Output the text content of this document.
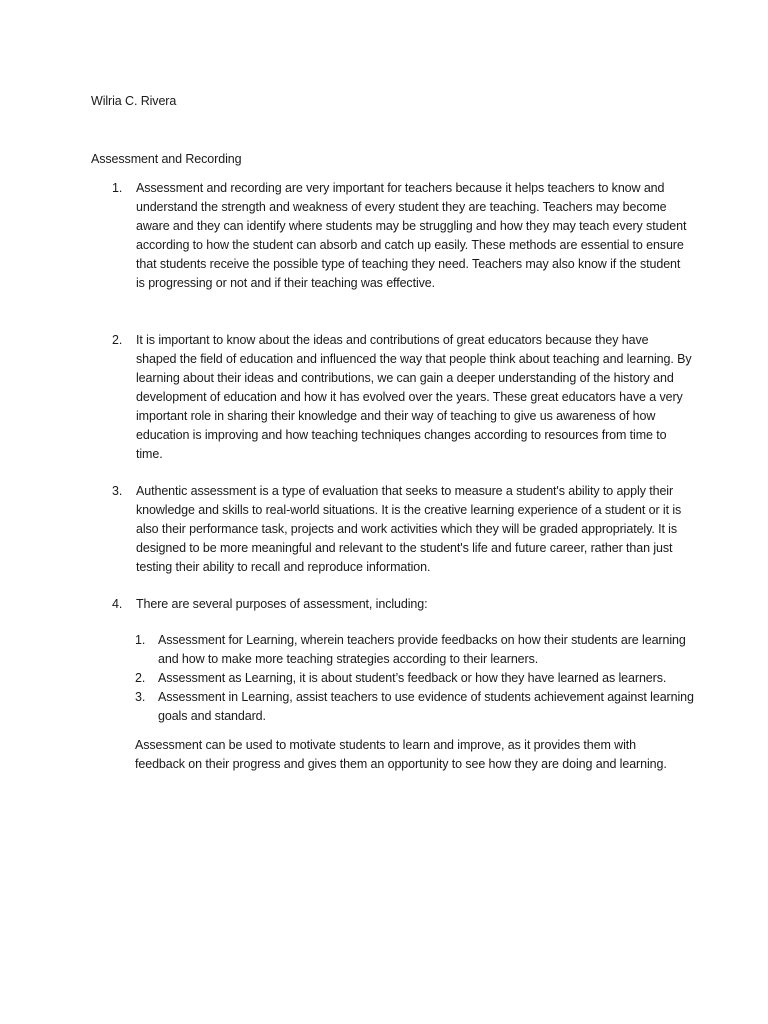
Wilria C. Rivera
Assessment and Recording
1.	Assessment and recording are very important for teachers because it helps teachers to know and understand the strength and weakness of every student they are teaching. Teachers may become aware and they can identify where students may be struggling and how they may teach every student according to how the student can absorb and catch up easily. These methods are essential to ensure that students receive the possible type of teaching they need. Teachers may also know if the student is progressing or not and if their teaching was effective.
2.	It is important to know about the ideas and contributions of great educators because they have shaped the field of education and influenced the way that people think about teaching and learning. By learning about their ideas and contributions, we can gain a deeper understanding of the history and development of education and how it has evolved over the years. These great educators have a very important role in sharing their knowledge and their way of teaching to give us awareness of how education is improving and how teaching techniques changes according to resources from time to time.
3.	Authentic assessment is a type of evaluation that seeks to measure a student's ability to apply their knowledge and skills to real-world situations. It is the creative learning experience of a student or it is also their performance task, projects and work activities which they will be graded appropriately. It is designed to be more meaningful and relevant to the student's life and future career, rather than just testing their ability to recall and reproduce information.
4.	There are several purposes of assessment, including:
1.	Assessment for Learning, wherein teachers provide feedbacks on how their students are learning and how to make more teaching strategies according to their learners.
2.	Assessment as Learning, it is about student’s feedback or how they have learned as learners.
3.	Assessment in Learning, assist teachers to use evidence of students achievement against learning goals and standard.
Assessment can be used to motivate students to learn and improve, as it provides them with feedback on their progress and gives them an opportunity to see how they are doing and learning.
